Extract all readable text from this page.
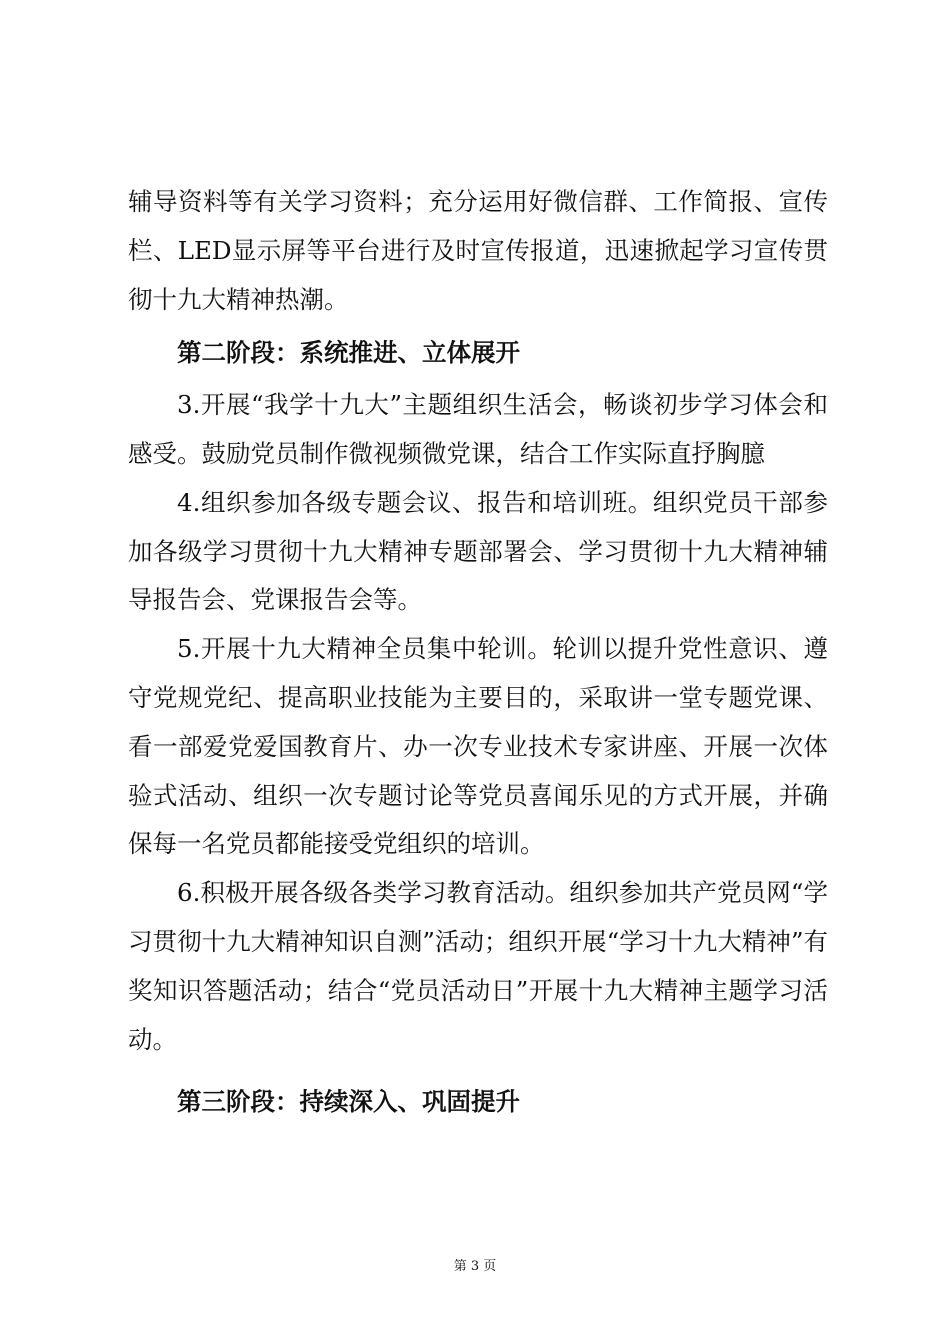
辅导资料等有关学习资料；充分运用好微信群、工作简报、宣传栏、LED显示屏等平台进行及时宣传报道，迅速掀起学习宣传贯彻十九大精神热潮。

第二阶段：系统推进、立体展开

3.开展“我学十九大”主题组织生活会，畅谈初步学习体会和感受。鼓励党员制作微视频微党课，结合工作实际直抒胸臆

4.组织参加各级专题会议、报告和培训班。组织党员干部参加各级学习贯彻十九大精神专题部署会、学习贯彻十九大精神辅导报告会、党课报告会等。

5.开展十九大精神全员集中轮训。轮训以提升党性意识、遵守党规党纪、提高职业技能为主要目的，采取讲一堂专题党课、看一部爱党爱国教育片、办一次专业技术专家讲座、开展一次体验式活动、组织一次专题讨论等党员喜闻乐见的方式开展，并确保每一名党员都能接受党组织的培训。

6.积极开展各级各类学习教育活动。组织参加共产党员网“学习贯彻十九大精神知识自测”活动；组织开展“学习十九大精神”有奖知识答题活动；结合“党员活动日”开展十九大精神主题学习活动。

第三阶段：持续深入、巩固提升

第 3 页
